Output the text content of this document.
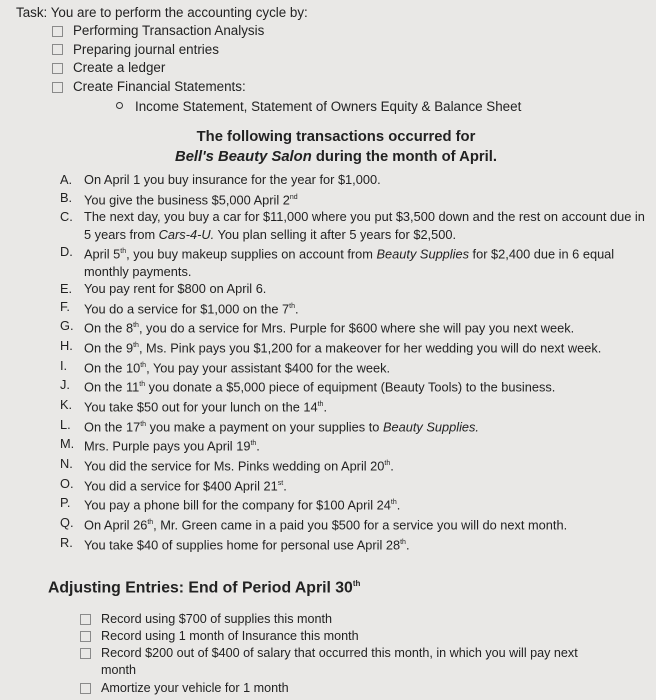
Task: You are to perform the accounting cycle by:
Performing Transaction Analysis
Preparing journal entries
Create a ledger
Create Financial Statements:
Income Statement, Statement of Owners Equity & Balance Sheet
The following transactions occurred for
Bell's Beauty Salon during the month of April.
A. On April 1 you buy insurance for the year for $1,000.
B. You give the business $5,000 April 2nd
C. The next day, you buy a car for $11,000 where you put $3,500 down and the rest on account due in 5 years from Cars-4-U. You plan selling it after 5 years for $2,500.
D. April 5th, you buy makeup supplies on account from Beauty Supplies for $2,400 due in 6 equal monthly payments.
E. You pay rent for $800 on April 6.
F. You do a service for $1,000 on the 7th.
G. On the 8th, you do a service for Mrs. Purple for $600 where she will pay you next week.
H. On the 9th, Ms. Pink pays you $1,200 for a makeover for her wedding you will do next week.
I. On the 10th, You pay your assistant $400 for the week.
J. On the 11th you donate a $5,000 piece of equipment (Beauty Tools) to the business.
K. You take $50 out for your lunch on the 14th.
L. On the 17th you make a payment on your supplies to Beauty Supplies.
M. Mrs. Purple pays you April 19th.
N. You did the service for Ms. Pinks wedding on April 20th.
O. You did a service for $400 April 21st.
P. You pay a phone bill for the company for $100 April 24th.
Q. On April 26th, Mr. Green came in a paid you $500 for a service you will do next month.
R. You take $40 of supplies home for personal use April 28th.
Adjusting Entries: End of Period April 30th
Record using $700 of supplies this month
Record using 1 month of Insurance this month
Record $200 out of $400 of salary that occurred this month, in which you will pay next month
Amortize your vehicle for 1 month
